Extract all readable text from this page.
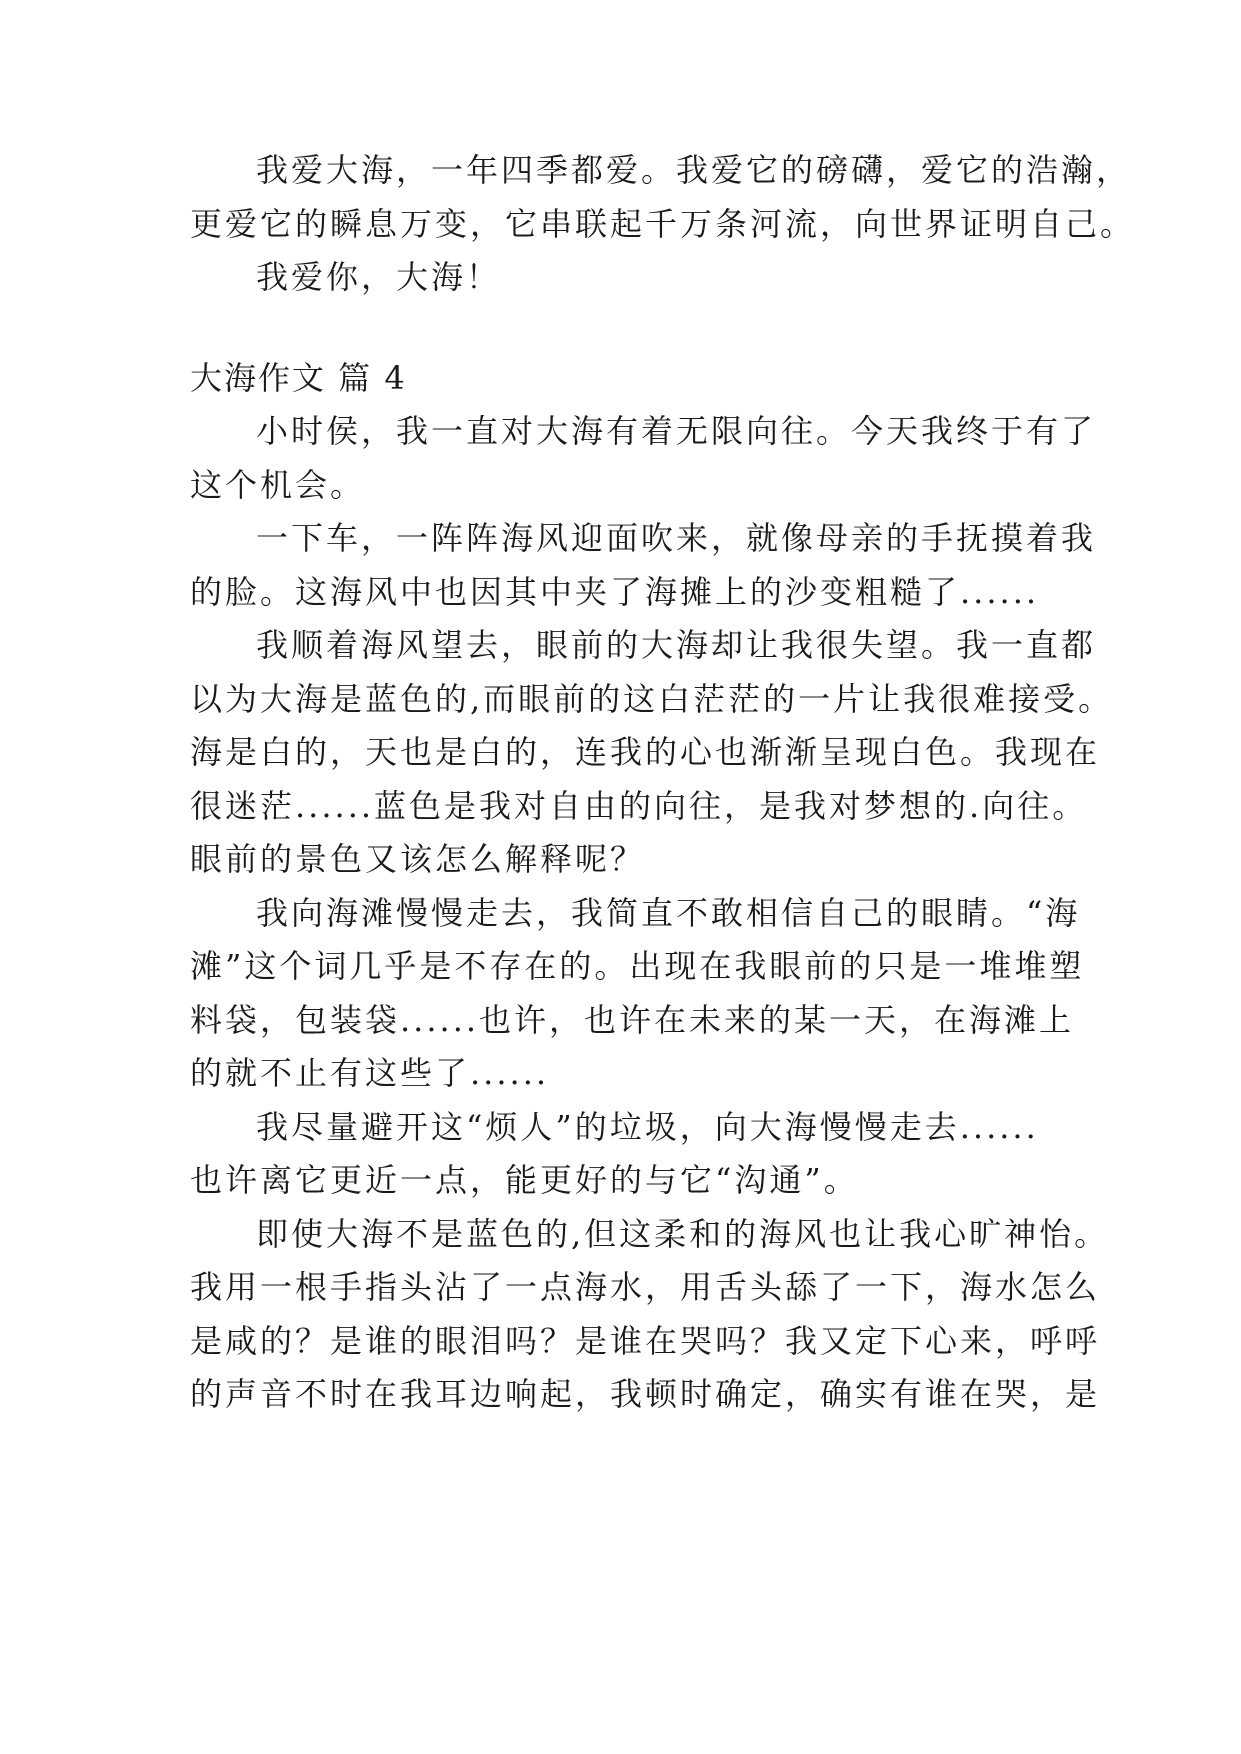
我爱大海，一年四季都爱。我爱它的磅礴，爱它的浩瀚，

更爱它的瞬息万变，它串联起千万条河流，向世界证明自己。

我爱你，大海！

大海作文 篇 4

小时侯，我一直对大海有着无限向往。今天我终于有了

这个机会。

一下车，一阵阵海风迎面吹来，就像母亲的手抚摸着我

的脸。这海风中也因其中夹了海摊上的沙变粗糙了......

我顺着海风望去，眼前的大海却让我很失望。我一直都

以为大海是蓝色的,而眼前的这白茫茫的一片让我很难接受。

海是白的，天也是白的，连我的心也渐渐呈现白色。我现在

很迷茫......蓝色是我对自由的向往，是我对梦想的.向往。

眼前的景色又该怎么解释呢？

我向海滩慢慢走去，我简直不敢相信自己的眼睛。“海

滩”这个词几乎是不存在的。出现在我眼前的只是一堆堆塑

料袋，包装袋......也许，也许在未来的某一天，在海滩上

的就不止有这些了......

我尽量避开这“烦人”的垃圾，向大海慢慢走去......

也许离它更近一点，能更好的与它“沟通”。

即使大海不是蓝色的,但这柔和的海风也让我心旷神怡。

我用一根手指头沾了一点海水，用舌头舔了一下，海水怎么

是咸的？是谁的眼泪吗？是谁在哭吗？我又定下心来，呼呼

的声音不时在我耳边响起，我顿时确定，确实有谁在哭，是
